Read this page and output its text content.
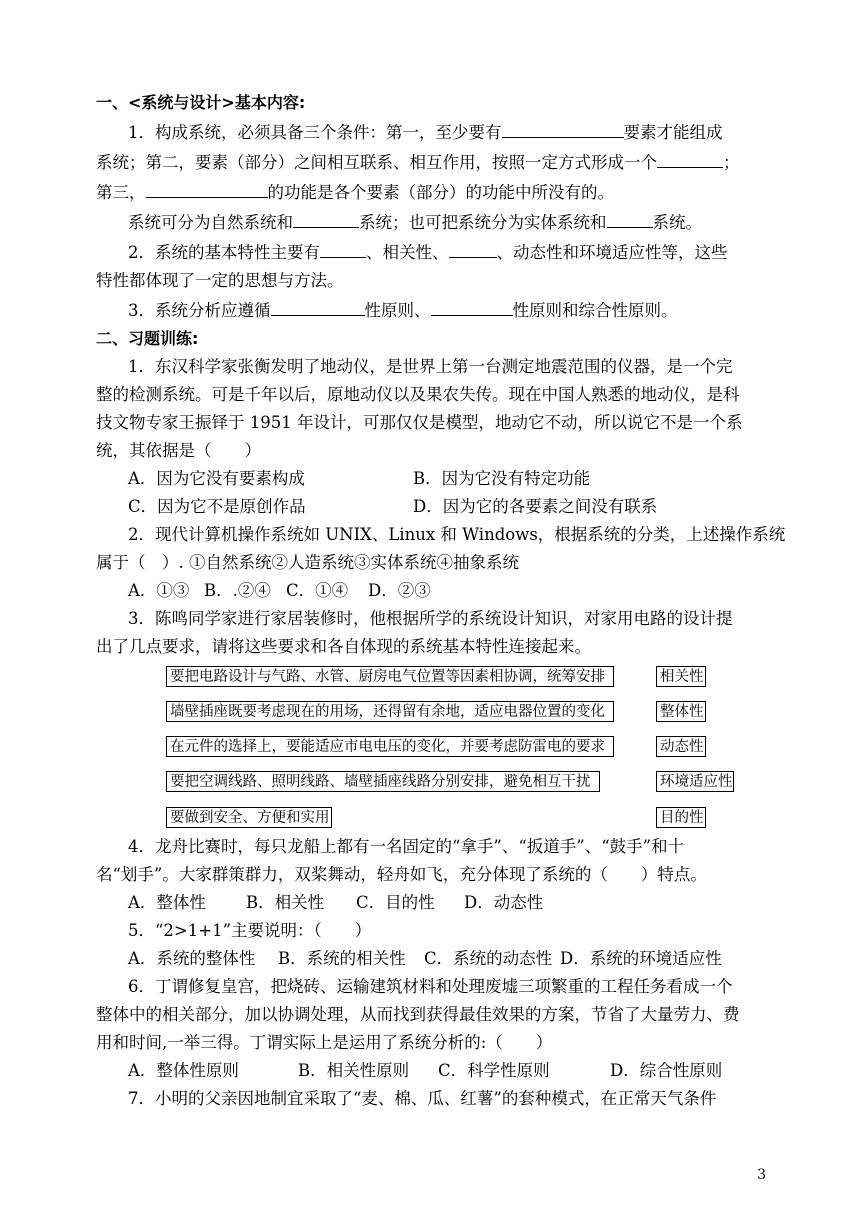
一、<系统与设计>基本内容:
1．构成系统，必须具备三个条件：第一，至少要有	要素才能组成
系统；第二，要素（部分）之间相互联系、相互作用，按照一定方式形成一个	；
第三，	的功能是各个要素（部分）的功能中所没有的。
系统可分为自然系统和	系统；也可把系统分为实体系统和	系统。
2．系统的基本特性主要有	、相关性、	、动态性和环境适应性等，这些
特性都体现了一定的思想与方法。
3．系统分析应遵循	性原则、	性原则和综合性原则。
二、习题训练:
1．东汉科学家张衡发明了地动仪，是世界上第一台测定地震范围的仪器，是一个完
整的检测系统。可是千年以后，原地动仪以及果农失传。现在中国人熟悉的地动仪，是科
技文物专家王振铎于 1951 年设计，可那仅仅是模型，地动它不动，所以说它不是一个系
统，其依据是（　　）
A．因为它没有要素构成	B．因为它没有特定功能
C．因为它不是原创作品	D．因为它的各要素之间没有联系
2．现代计算机操作系统如 UNIX、Linux 和 Windows，根据系统的分类，上述操作系统
属于（　）. ①自然系统②人造系统③实体系统④抽象系统
A．①③ B．.②④ C．①④ D．②③
3．陈鸣同学家进行家居装修时，他根据所学的系统设计知识，对家用电路的设计提
出了几点要求，请将这些要求和各自体现的系统基本特性连接起来。
要把电路设计与气路、水管、厨房电气位置等因素相协调，统筹安排
墙壁插座既要考虑现在的用场，还得留有余地，适应电器位置的变化
在元件的选择上，要能适应市电电压的变化，并要考虑防雷电的要求
要把空调线路、照明线路、墙壁插座线路分别安排，避免相互干扰
要做到安全、方便和实用
相关性
整体性
动态性
环境适应性
目的性
4．龙舟比赛时，每只龙船上都有一名固定的“拿手”、“扳道手”、“鼓手”和十
名“划手”。大家群策群力，双桨舞动，轻舟如飞，充分体现了系统的（　　）特点。
A．整体性 B．相关性 C．目的性 D．动态性
5．“2>1+1”主要说明：（　　）
A．系统的整体性 B．系统的相关性 C．系统的动态性 D．系统的环境适应性
6．丁谓修复皇宫，把烧砖、运输建筑材料和处理废墟三项繁重的工程任务看成一个
整体中的相关部分，加以协调处理，从而找到获得最佳效果的方案，节省了大量劳力、费
用和时间,一举三得。丁谓实际上是运用了系统分析的:（　　）
A．整体性原则	B．相关性原则 C．科学性原则	D．综合性原则
7．小明的父亲因地制宜采取了“麦、棉、瓜、红薯”的套种模式，在正常天气条件
3
